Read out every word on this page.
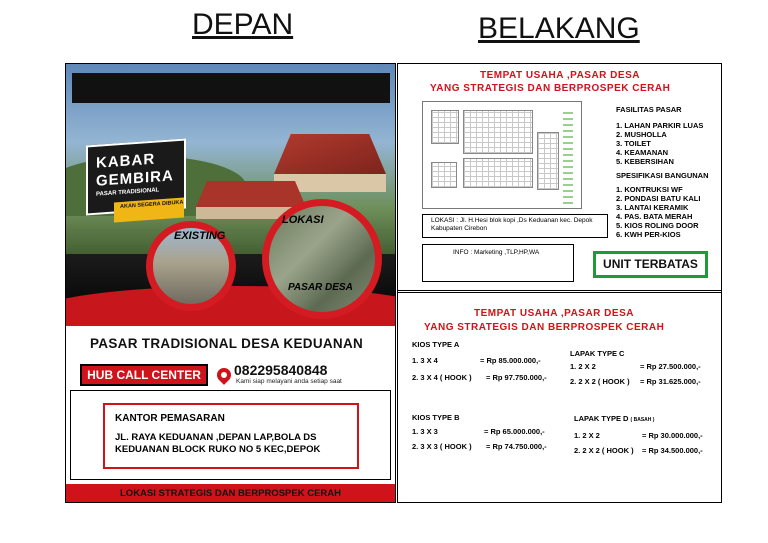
DEPAN	BELAKANG
KABAR
GEMBIRA
PASAR TRADISIONAL
AKAN SEGERA DIBUKA
EXISTING
LOKASI
PASAR DESA
PASAR TRADISIONAL DESA KEDUANAN
HUB CALL CENTER	082295840848
Kami siap melayani anda setiap saat
KANTOR PEMASARAN
JL. RAYA KEDUANAN ,DEPAN LAP,BOLA DS
KEDUANAN BLOCK RUKO NO 5 KEC,DEPOK
LOKASI STRATEGIS DAN BERPROSPEK CERAH
TEMPAT USAHA ,PASAR DESA
YANG STRATEGIS DAN BERPROSPEK CERAH
LOKASI : Jl. H.Hesi blok kopi ,Ds Keduanan kec. Depok
Kabupaten Cirebon
INFO : Marketing ,TLP,HP,WA
UNIT TERBATAS
FASILITAS PASAR
1. LAHAN PARKIR LUAS
2. MUSHOLLA
3. TOILET
4. KEAMANAN
5. KEBERSIHAN
SPESIFIKASI BANGUNAN
1. KONTRUKSI WF
2. PONDASI BATU KALI
3. LANTAI KERAMIK
4. PAS. BATA MERAH
5. KIOS ROLING DOOR
6. KWH PER-KIOS
TEMPAT USAHA ,PASAR DESA
YANG STRATEGIS DAN BERPROSPEK CERAH
KIOS TYPE A
1. 3 X 4	= Rp 85.000.000,-
2. 3 X 4 ( HOOK ) = Rp 97.750.000,-
LAPAK TYPE C
1. 2 X 2	= Rp 27.500.000,-
2. 2 X 2 ( HOOK ) = Rp 31.625.000,-
KIOS TYPE B
1. 3 X 3	= Rp 65.000.000,-
2. 3 X 3 ( HOOK ) = Rp 74.750.000,-
LAPAK TYPE D ( BASAH )
1. 2 X 2	= Rp 30.000.000,-
2. 2 X 2 ( HOOK ) = Rp 34.500.000,-
